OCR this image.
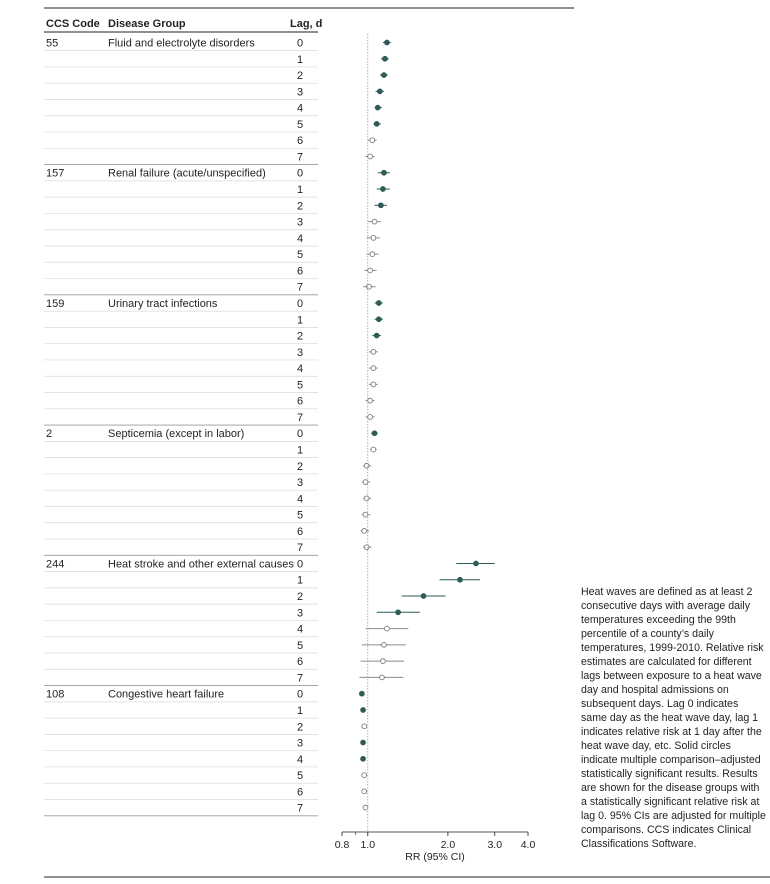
CCS Code Disease Group	Lag, d
55	Fluid and electrolyte disorders	0
1
2
3
4
5
6
7
157	Renal failure (acute/unspecified)	0
1
2
3
4
5
6
7
159	Urinary tract infections	0
1
2
3
4
5
6
7
2	Septicemia (except in labor)	0
1
2
3
4
5
6
7
244	Heat stroke and other external causes 0
1
2
3
4
5
6
7
108	Congestive heart failure	0
1
2
3
4
5
6
7
0.8 1.0	2.0	3.0 4.0
RR (95% CI)
Heat waves are defined as at least 2 consecutive days with average daily temperatures exceeding the 99th percentile of a county’s daily temperatures, 1999-2010. Relative risk estimates are calculated for different lags between exposure to a heat wave day and hospital admissions on subsequent days. Lag 0 indicates same day as the heat wave day, lag 1 indicates relative risk at 1 day after the heat wave day, etc. Solid circles indicate multiple comparison–adjusted statistically significant results. Results are shown for the disease groups with a statistically significant relative risk at lag 0. 95% CIs are adjusted for multiple comparisons. CCS indicates Clinical Classifications Software.
